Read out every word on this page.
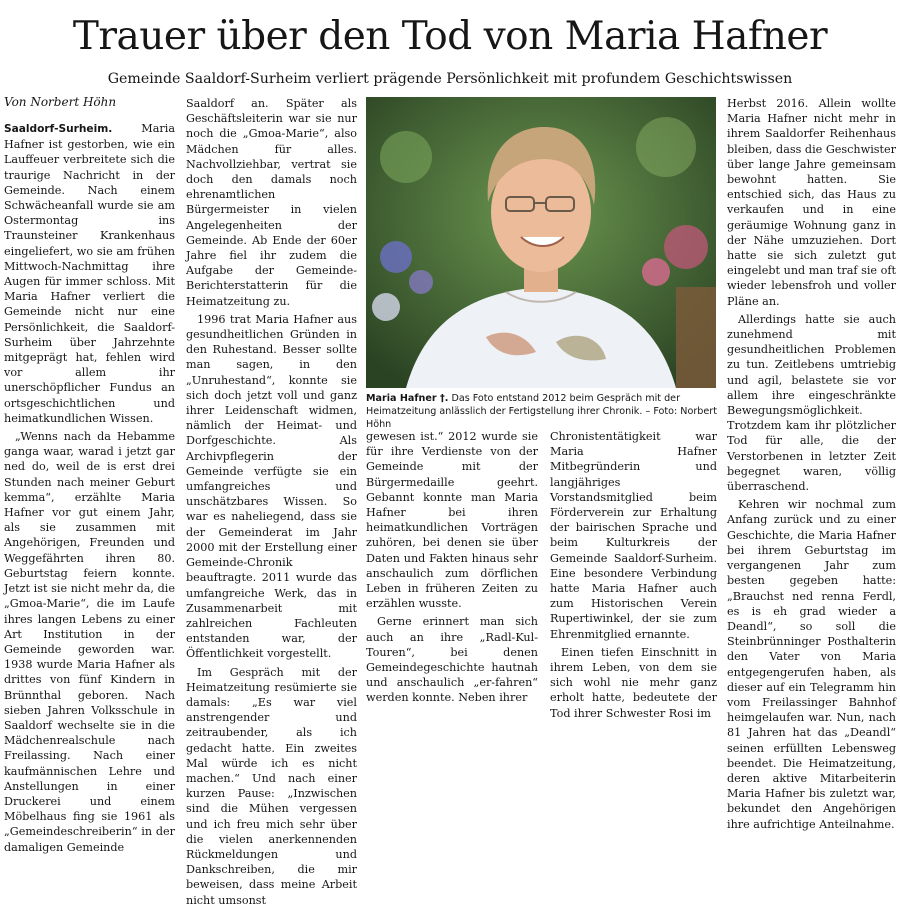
Trauer über den Tod von Maria Hafner
Gemeinde Saaldorf-Surheim verliert prägende Persönlichkeit mit profundem Geschichtswissen
Von Norbert Höhn

Saaldorf-Surheim.	Maria Hafner ist gestorben, wie ein Lauffeuer verbreitete sich die traurige Nachricht in der Gemeinde. Nach einem Schwächeanfall wurde sie am Ostermontag ins Traunsteiner Krankenhaus eingeliefert, wo sie am frühen Mittwoch-Nachmittag ihre Augen für immer schloss. Mit Maria Hafner verliert die Gemeinde nicht nur eine Persönlichkeit, die Saaldorf-Surheim über Jahrzehnte mitgeprägt hat, fehlen wird vor allem ihr unerschöpflicher Fundus an ortsgeschichtlichen und heimatkundlichen Wissen.

„Wenns nach da Hebamme ganga waar, warad i jetzt gar ned do, weil de is erst drei Stunden nach meiner Geburt kemma“, erzählte Maria Hafner vor gut einem Jahr, als sie zusammen mit Angehörigen, Freunden und Weggefährten ihren 80. Geburtstag feiern konnte. Jetzt ist sie nicht mehr da, die „Gmoa-Marie“, die im Laufe ihres langen Lebens zu einer Art Institution in der Gemeinde geworden war. 1938 wurde Maria Hafner als drittes von fünf Kindern in Brünnthal geboren. Nach sieben Jahren Volksschule in Saaldorf wechselte sie in die Mädchenrealschule nach Freilassing. Nach einer kaufmännischen Lehre und Anstellungen in einer Druckerei und einem Möbelhaus fing sie 1961 als „Gemeindeschreiberin“ in der damaligen Gemeinde

Saaldorf an. Später als Geschäftsleiterin war sie nur noch die „Gmoa-Marie“, also Mädchen für alles. Nachvollziehbar, vertrat sie doch den damals noch ehrenamtlichen Bürgermeister in vielen Angelegenheiten der Gemeinde. Ab Ende der 60er Jahre fiel ihr zudem die Aufgabe der Gemeinde-Berichterstatterin für die Heimatzeitung zu.

1996 trat Maria Hafner aus gesundheitlichen Gründen in den Ruhestand. Besser sollte man sagen, in den „Unruhestand“, konnte sie sich doch jetzt voll und ganz ihrer Leidenschaft widmen, nämlich der Heimat- und Dorfgeschichte. Als Archivpflegerin der Gemeinde verfügte sie ein umfangreiches und unschätzbares Wissen. So war es naheliegend, dass sie der Gemeinderat im Jahr 2000 mit der Erstellung einer Gemeinde-Chronik beauftragte. 2011 wurde das umfangreiche Werk, das in Zusammenarbeit mit zahlreichen Fachleuten entstanden war, der Öffentlichkeit vorgestellt.

Im Gespräch mit der Heimatzeitung resümierte sie damals: „Es war viel anstrengender und zeitraubender, als ich gedacht hatte. Ein zweites Mal würde ich es nicht machen.“ Und nach einer kurzen Pause: „Inzwischen sind die Mühen vergessen und ich freu mich sehr über die vielen anerkennenden Rückmeldungen und Dankschreiben, die mir beweisen, dass meine Arbeit nicht umsonst

Maria Hafner †. Das Foto entstand 2012 beim Gespräch mit der Heimatzeitung anlässlich der Fertigstellung ihrer Chronik. – Foto: Norbert Höhn

gewesen ist.“ 2012 wurde sie für ihre Verdienste von der Gemeinde mit der Bürgermedaille geehrt. Gebannt konnte man Maria Hafner bei ihren heimatkundlichen Vorträgen zuhören, bei denen sie über Daten und Fakten hinaus sehr anschaulich zum dörflichen Leben in früheren Zeiten zu erzählen wusste.

Gerne erinnert man sich auch an ihre „Radl-Kul-Touren“, bei denen Gemeindegeschichte hautnah und anschaulich „er-fahren“ werden konnte. Neben ihrer

Chronistentätigkeit war Maria Hafner Mitbegründerin und langjähriges Vorstandsmitglied beim Förderverein zur Erhaltung der bairischen Sprache und beim Kulturkreis der Gemeinde Saaldorf-Surheim. Eine besondere Verbindung hatte Maria Hafner auch zum Historischen Verein Rupertiwinkel, der sie zum Ehrenmitglied ernannte.

Einen tiefen Einschnitt in ihrem Leben, von dem sie sich wohl nie mehr ganz erholt hatte, bedeutete der Tod ihrer Schwester Rosi im

Herbst 2016. Allein wollte Maria Hafner nicht mehr in ihrem Saaldorfer Reihenhaus bleiben, dass die Geschwister über lange Jahre gemeinsam bewohnt hatten. Sie entschied sich, das Haus zu verkaufen und in eine geräumige Wohnung ganz in der Nähe umzuziehen. Dort hatte sie sich zuletzt gut eingelebt und man traf sie oft wieder lebensfroh und voller Pläne an.

Allerdings hatte sie auch zunehmend mit gesundheitlichen Problemen zu tun. Zeitlebens umtriebig und agil, belastete sie vor allem ihre eingeschränkte Bewegungsmöglichkeit. Trotzdem kam ihr plötzlicher Tod für alle, die der Verstorbenen in letzter Zeit begegnet waren, völlig überraschend.

Kehren wir nochmal zum Anfang zurück und zu einer Geschichte, die Maria Hafner bei ihrem Geburtstag im vergangenen Jahr zum besten gegeben hatte: „Brauchst ned renna Ferdl, es is eh grad wieder a Deandl“, so soll die Steinbrünninger Posthalterin den Vater von Maria entgegengerufen haben, als dieser auf ein Telegramm hin vom Freilassinger Bahnhof heimgelaufen war. Nun, nach 81 Jahren hat das „Deandl“ seinen erfüllten Lebensweg beendet. Die Heimatzeitung, deren aktive Mitarbeiterin Maria Hafner bis zuletzt war, bekundet den Angehörigen ihre aufrichtige Anteilnahme.
